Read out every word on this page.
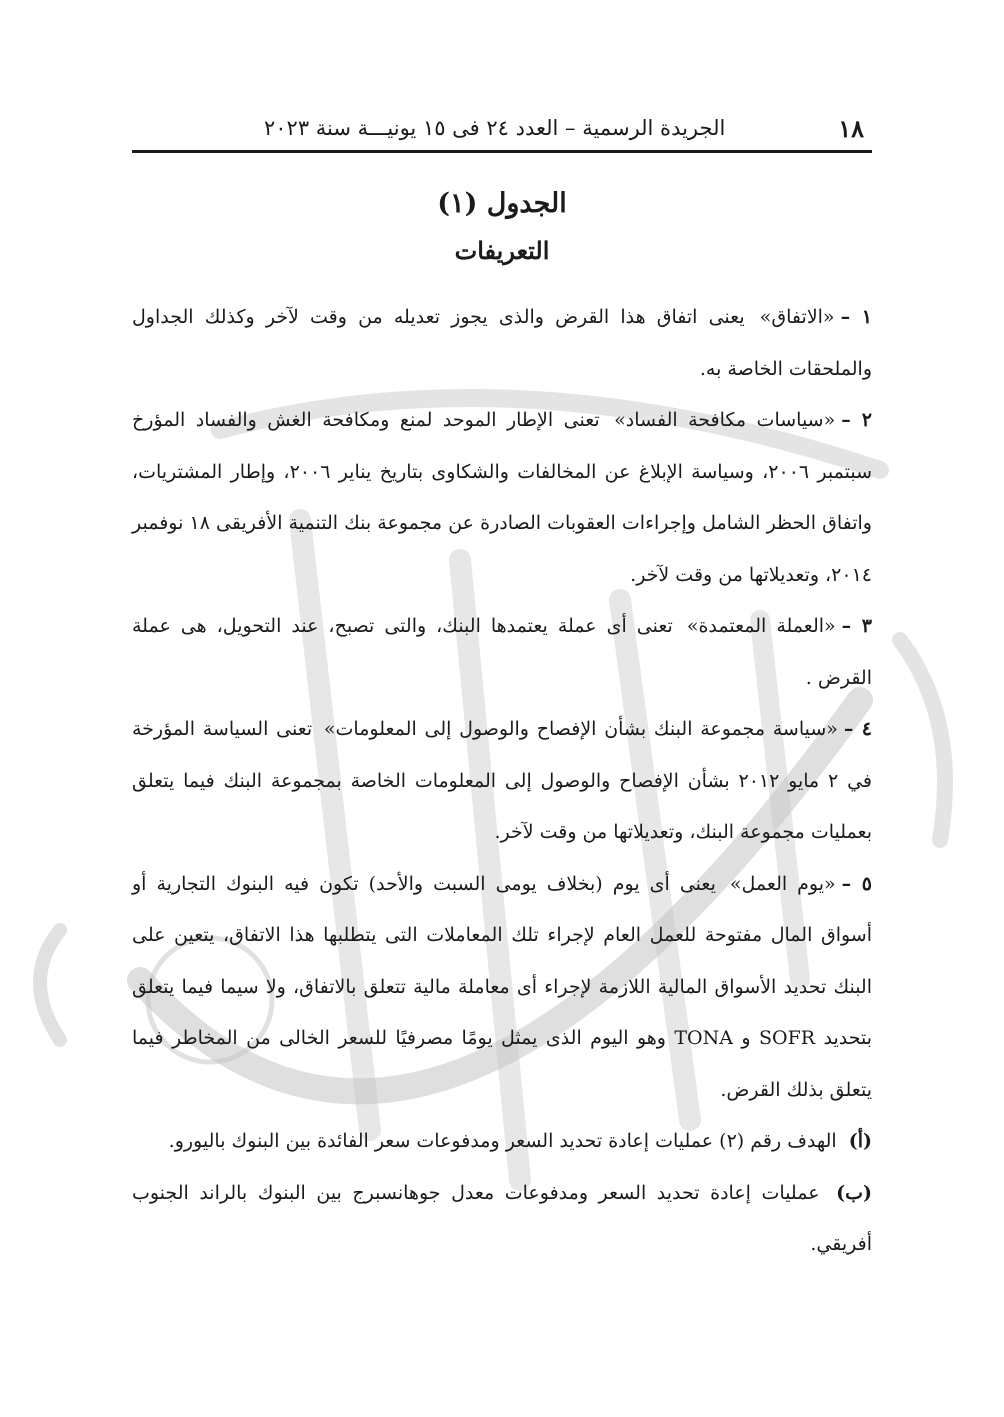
١٨
الجريدة الرسمية – العدد ٢٤ فى ١٥ يونيـــة سنة ٢٠٢٣
الجدول (١)
التعريفات

١ –«الاتفاق» يعنى اتفاق هذا القرض والذى يجوز تعديله من وقت لآخر وكذلك الجداول والملحقات الخاصة به.

٢ –«سياسات مكافحة الفساد» تعنى الإطار الموحد لمنع ومكافحة الغش والفساد المؤرخ سبتمبر ٢٠٠٦، وسياسة الإبلاغ عن المخالفات والشكاوى بتاريخ يناير ٢٠٠٦، وإطار المشتريات، واتفاق الحظر الشامل وإجراءات العقوبات الصادرة عن مجموعة بنك التنمية الأفريقى ١٨ نوفمبر ٢٠١٤، وتعديلاتها من وقت لآخر.

٣ –«العملة المعتمدة» تعنى أى عملة يعتمدها البنك، والتى تصبح، عند التحويل، هى عملة القرض .

٤ –«سياسة مجموعة البنك بشأن الإفصاح والوصول إلى المعلومات» تعنى السياسة المؤرخة في ٢ مايو ٢٠١٢ بشأن الإفصاح والوصول إلى المعلومات الخاصة بمجموعة البنك فيما يتعلق بعمليات مجموعة البنك، وتعديلاتها من وقت لآخر.

٥ –«يوم العمل» يعنى أى يوم (بخلاف يومى السبت والأحد) تكون فيه البنوك التجارية أو أسواق المال مفتوحة للعمل العام لإجراء تلك المعاملات التى يتطلبها هذا الاتفاق، يتعين على البنك تحديد الأسواق المالية اللازمة لإجراء أى معاملة مالية تتعلق بالاتفاق، ولا سيما فيما يتعلق بتحديد SOFR و TONA وهو اليوم الذى يمثل يومًا مصرفيًا للسعر الخالى من المخاطر فيما يتعلق بذلك القرض.

(أ) الهدف رقم (٢) عمليات إعادة تحديد السعر ومدفوعات سعر الفائدة بين البنوك باليورو.

(ب) عمليات إعادة تحديد السعر ومدفوعات معدل جوهانسبرج بين البنوك بالراند الجنوب أفريقي.
